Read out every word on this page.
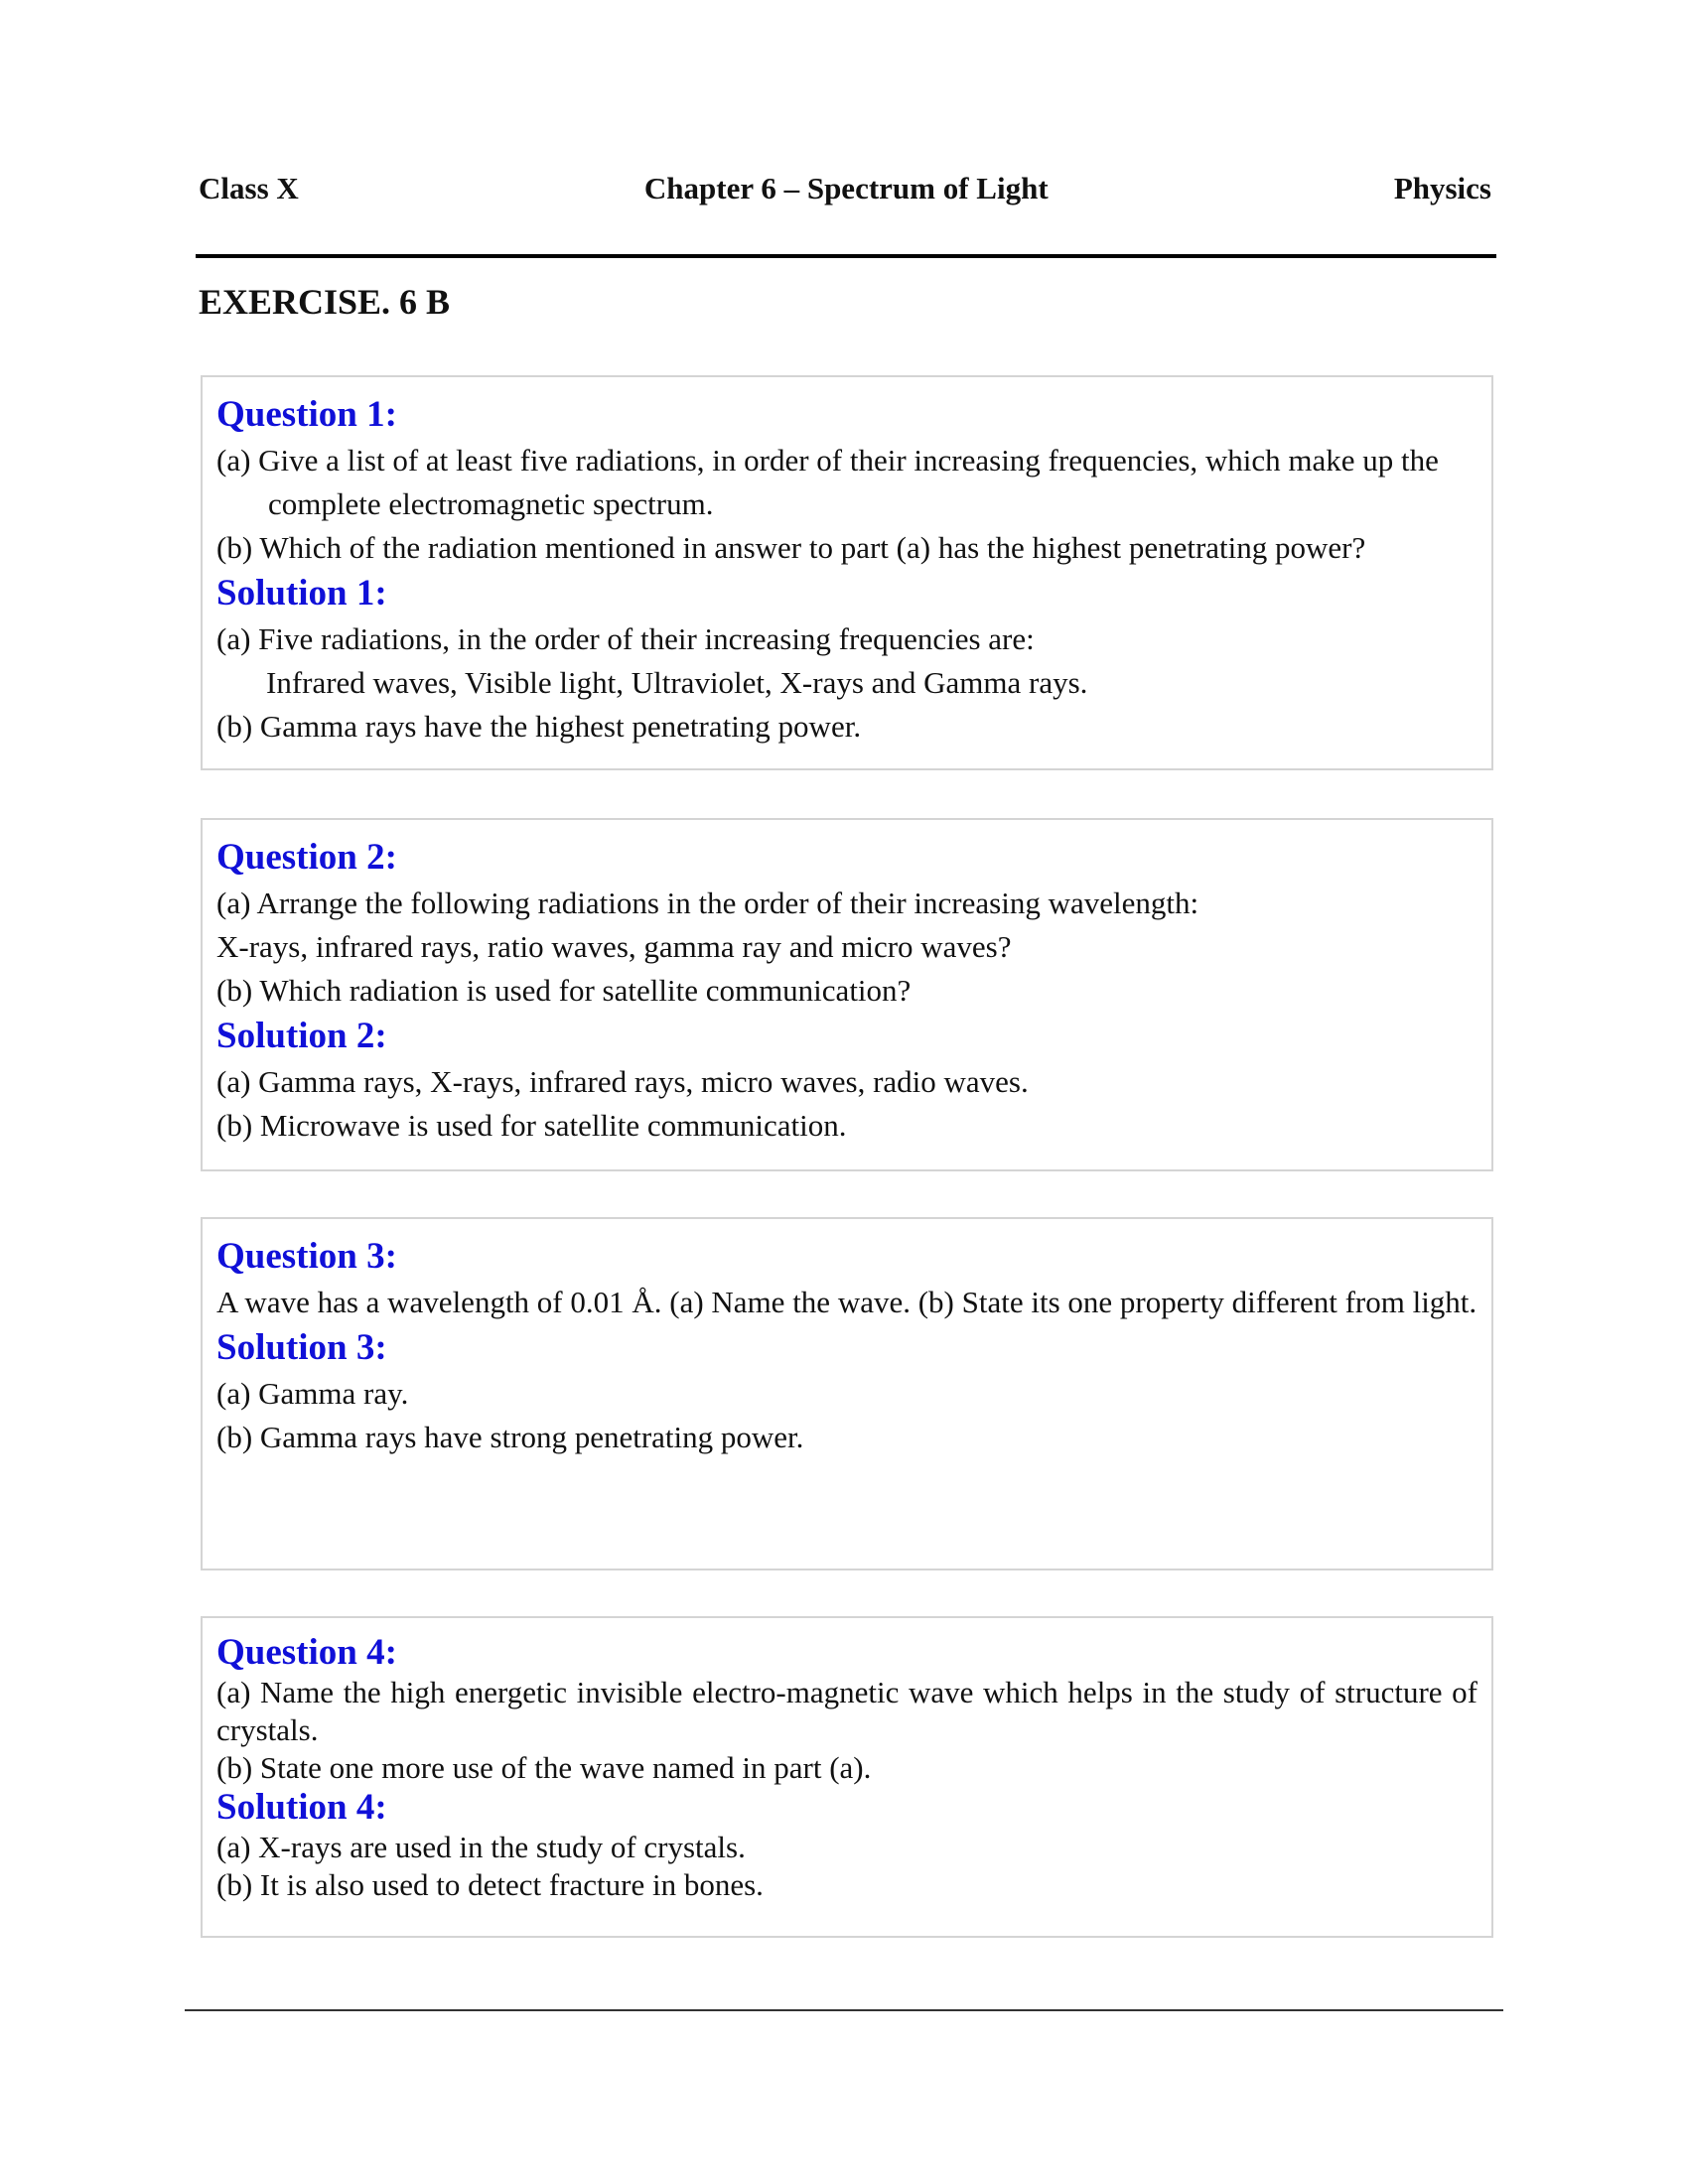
Class X	Chapter 6 – Spectrum of Light	Physics
EXERCISE. 6 B
Question 1:
(a) Give a list of at least five radiations, in order of their increasing frequencies, which make up the complete electromagnetic spectrum.
(b) Which of the radiation mentioned in answer to part (a) has the highest penetrating power?
Solution 1:
(a) Five radiations, in the order of their increasing frequencies are:
Infrared waves, Visible light, Ultraviolet, X-rays and Gamma rays.
(b) Gamma rays have the highest penetrating power.
Question 2:
(a) Arrange the following radiations in the order of their increasing wavelength:
X-rays, infrared rays, ratio waves, gamma ray and micro waves?
(b) Which radiation is used for satellite communication?
Solution 2:
(a) Gamma rays, X-rays, infrared rays, micro waves, radio waves.
(b) Microwave is used for satellite communication.
Question 3:
A wave has a wavelength of 0.01 Å. (a) Name the wave. (b) State its one property different from light.
Solution 3:
(a) Gamma ray.
(b) Gamma rays have strong penetrating power.
Question 4:
(a) Name the high energetic invisible electro-magnetic wave which helps in the study of structure of crystals.
(b) State one more use of the wave named in part (a).
Solution 4:
(a) X-rays are used in the study of crystals.
(b) It is also used to detect fracture in bones.
